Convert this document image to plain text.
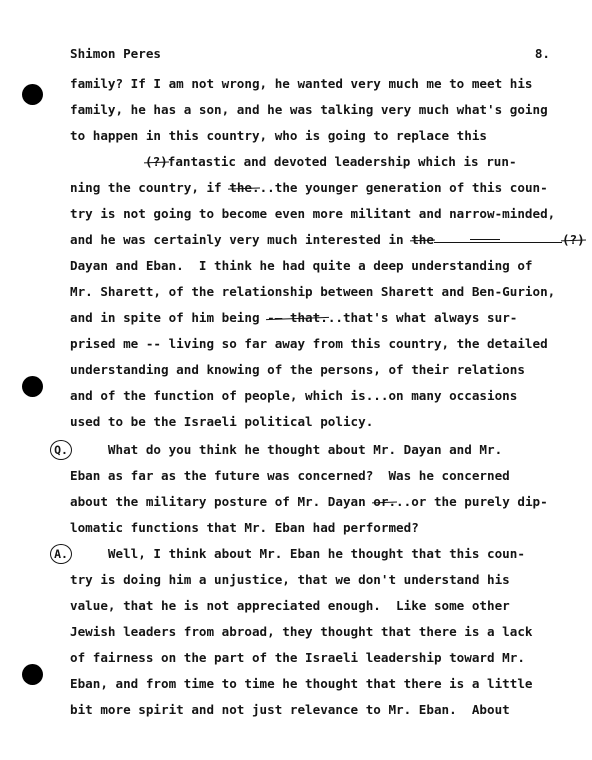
Shimon Peres	8.
family? If I am not wrong, he wanted very much me to meet his
family, he has a son, and he was talking very much what's going
to happen in this country, who is going to replace this
(?)fantastic and devoted leadership which is run-
ning the country, if the...the younger generation of this coun-
try is not going to become even more militant and narrow-minded,
and he was certainly very much interested in the	(?)
Dayan and Eban.  I think he had quite a deep understanding of
Mr. Sharett, of the relationship between Sharett and Ben-Gurion,
and in spite of him being -— that...that's what always sur-
prised me -- living so far away from this country, the detailed
understanding and knowing of the persons, of their relations
and of the function of people, which is...on many occasions
used to be the Israeli political policy.
Q. What do you think he thought about Mr. Dayan and Mr.
Eban as far as the future was concerned?  Was he concerned
about the military posture of Mr. Dayan or...or the purely dip-
lomatic functions that Mr. Eban had performed?
A. Well, I think about Mr. Eban he thought that this coun-
try is doing him a unjustice, that we don't understand his
value, that he is not appreciated enough.  Like some other
Jewish leaders from abroad, they thought that there is a lack
of fairness on the part of the Israeli leadership toward Mr.
Eban, and from time to time he thought that there is a little
bit more spirit and not just relevance to Mr. Eban.  About
